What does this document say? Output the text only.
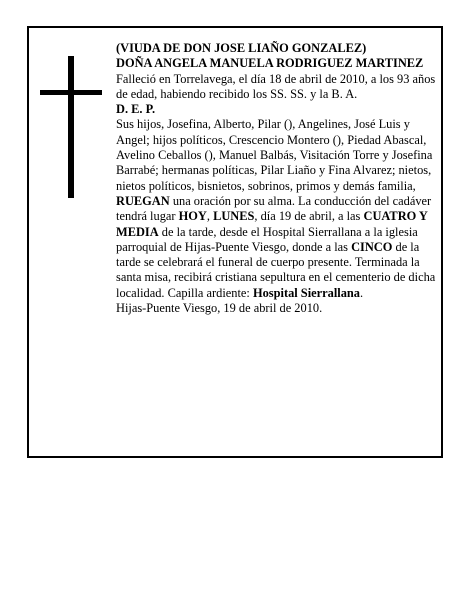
(VIUDA DE DON JOSE LIAÑO GONZALEZ)

DOÑA ANGELA MANUELA RODRIGUEZ MARTINEZ

Falleció en Torrelavega, el día 18 de abril de 2010, a los 93 años de edad, habiendo recibido los SS. SS. y la B. A.

D. E. P.

Sus hijos, Josefina, Alberto, Pilar (), Angelines, José Luis y Angel; hijos políticos, Crescencio Montero (), Piedad Abascal, Avelino Ceballos (), Manuel Balbás, Visitación Torre y Josefina Barrabé; hermanas políticas, Pilar Liaño y Fina Alvarez; nietos, nietos políticos, bisnietos, sobrinos, primos y demás familia, RUEGAN una oración por su alma. La conducción del cadáver tendrá lugar HOY, LUNES, día 19 de abril, a las CUATRO Y MEDIA de la tarde, desde el Hospital Sierrallana a la iglesia parroquial de Hijas-Puente Viesgo, donde a las CINCO de la tarde se celebrará el funeral de cuerpo presente. Terminada la santa misa, recibirá cristiana sepultura en el cementerio de dicha localidad. Capilla ardiente: Hospital Sierrallana.

Hijas-Puente Viesgo, 19 de abril de 2010.
